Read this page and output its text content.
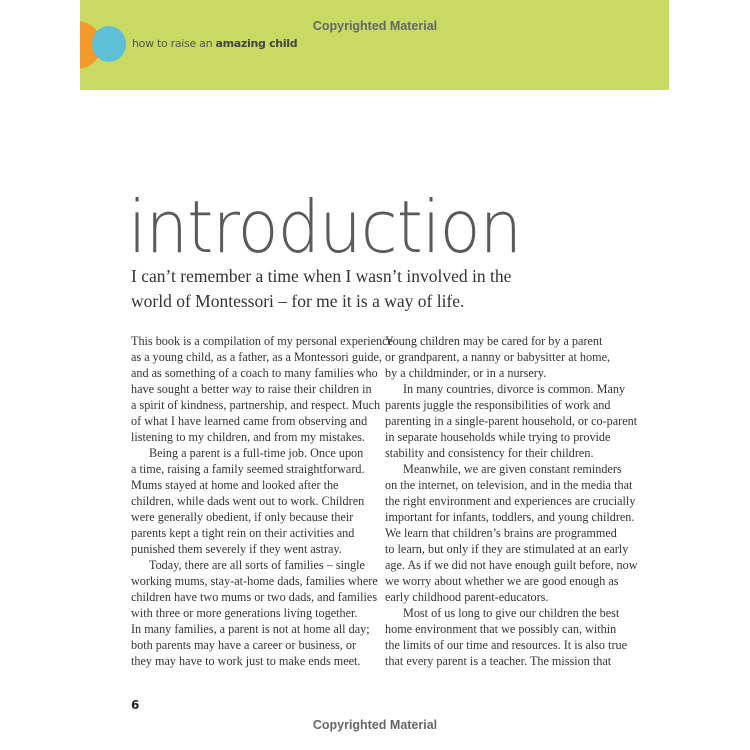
how to raise an amazing child
Copyrighted Material
introduction
I can’t remember a time when I wasn’t involved in the
world of Montessori – for me it is a way of life.
This book is a compilation of my personal experience
as a young child, as a father, as a Montessori guide,
and as something of a coach to many families who
have sought a better way to raise their children in
a spirit of kindness, partnership, and respect. Much
of what I have learned came from observing and
listening to my children, and from my mistakes.
Being a parent is a full-time job. Once upon
a time, raising a family seemed straightforward.
Mums stayed at home and looked after the
children, while dads went out to work. Children
were generally obedient, if only because their
parents kept a tight rein on their activities and
punished them severely if they went astray.
Today, there are all sorts of families – single
working mums, stay-at-home dads, families where
children have two mums or two dads, and families
with three or more generations living together.
In many families, a parent is not at home all day;
both parents may have a career or business, or
they may have to work just to make ends meet.
Young children may be cared for by a parent
or grandparent, a nanny or babysitter at home,
by a childminder, or in a nursery.
In many countries, divorce is common. Many
parents juggle the responsibilities of work and
parenting in a single-parent household, or co-parent
in separate households while trying to provide
stability and consistency for their children.
Meanwhile, we are given constant reminders
on the internet, on television, and in the media that
the right environment and experiences are crucially
important for infants, toddlers, and young children.
We learn that children’s brains are programmed
to learn, but only if they are stimulated at an early
age. As if we did not have enough guilt before, now
we worry about whether we are good enough as
early childhood parent-educators.
Most of us long to give our children the best
home environment that we possibly can, within
the limits of our time and resources. It is also true
that every parent is a teacher. The mission that
6
Copyrighted Material
